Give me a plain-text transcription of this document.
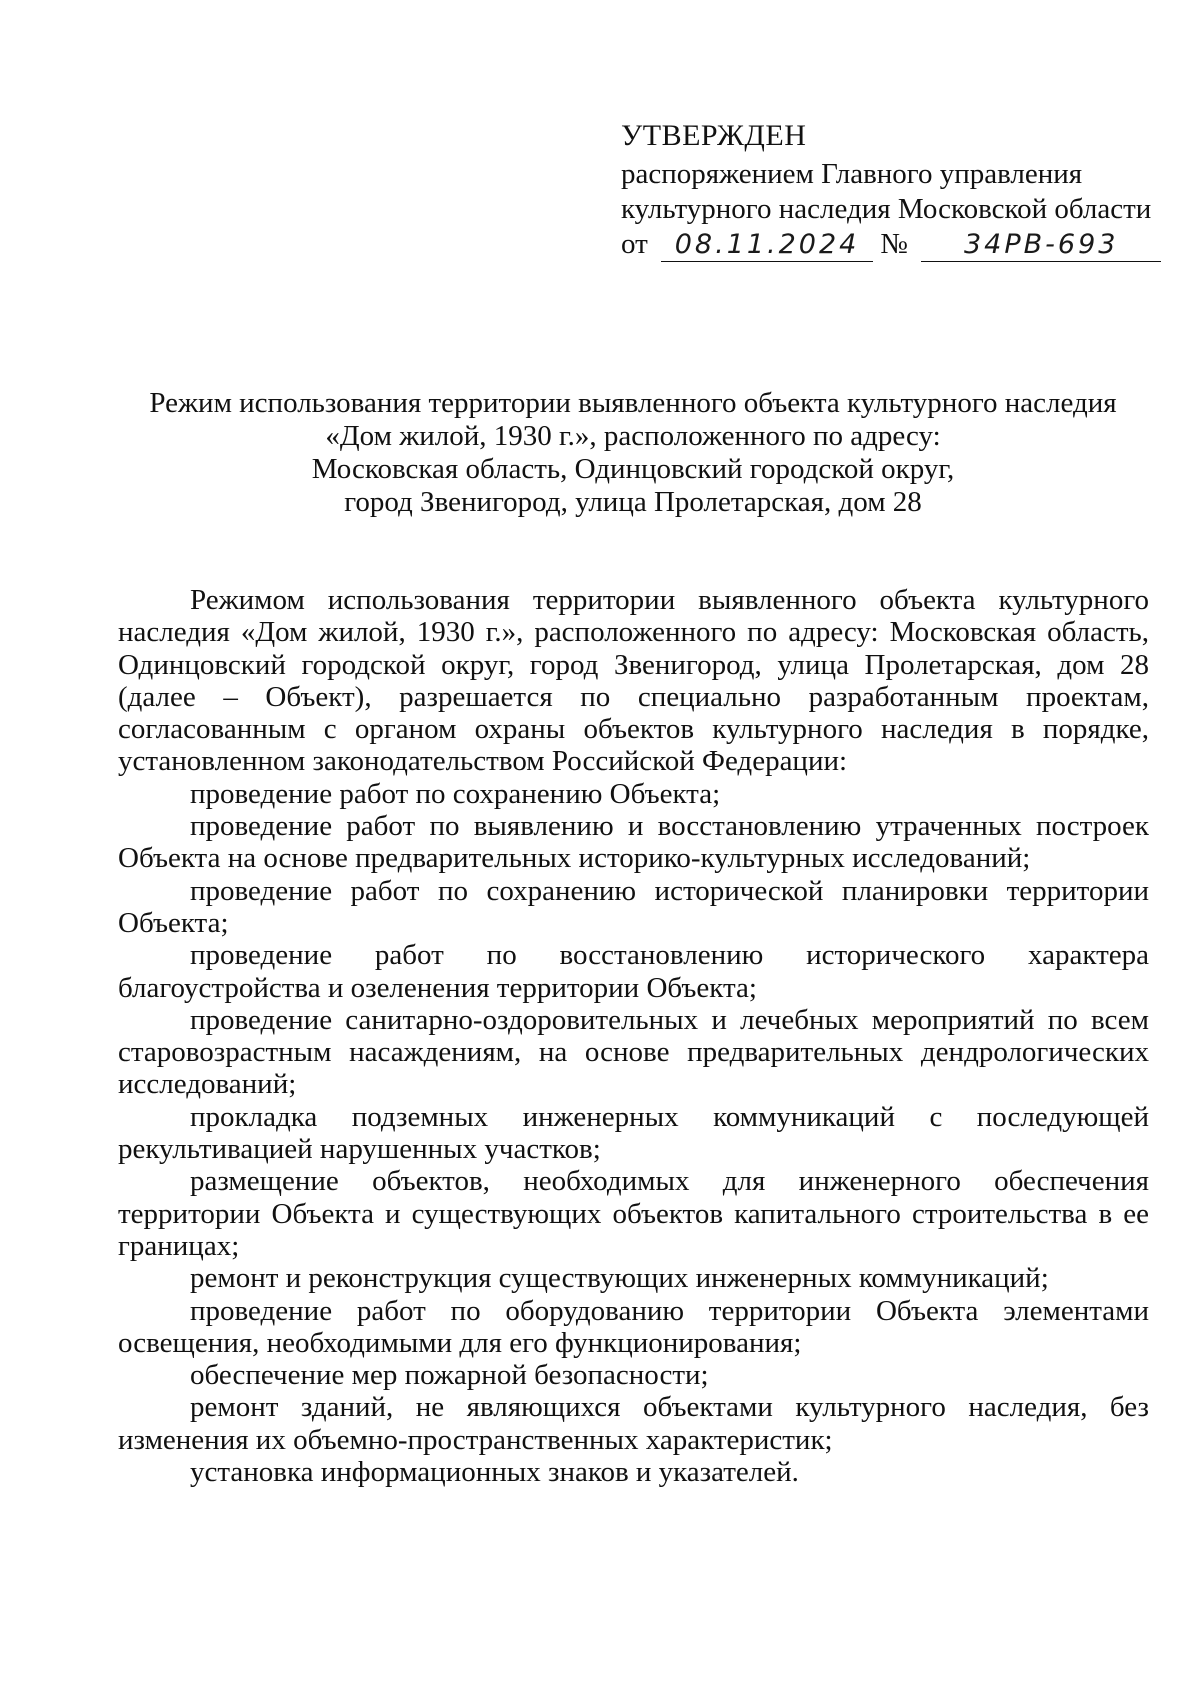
УТВЕРЖДЕН
распоряжением Главного управления
культурного наследия Московской области
от 08.11.2024 № 34РВ-693
Режим использования территории выявленного объекта культурного наследия
«Дом жилой, 1930 г.», расположенного по адресу:
Московская область, Одинцовский городской округ,
город Звенигород, улица Пролетарская, дом 28

Режимом использования территории выявленного объекта культурного наследия «Дом жилой, 1930 г.», расположенного по адресу: Московская область, Одинцовский городской округ, город Звенигород, улица Пролетарская, дом 28 (далее – Объект), разрешается по специально разработанным проектам, согласованным с органом охраны объектов культурного наследия в порядке, установленном законодательством Российской Федерации:

проведение работ по сохранению Объекта;

проведение работ по выявлению и восстановлению утраченных построек Объекта на основе предварительных историко-культурных исследований;

проведение работ по сохранению исторической планировки территории Объекта;

проведение работ по восстановлению исторического характера благоустройства и озеленения территории Объекта;

проведение санитарно-оздоровительных и лечебных мероприятий по всем старовозрастным насаждениям, на основе предварительных дендрологических исследований;

прокладка подземных инженерных коммуникаций с последующей рекультивацией нарушенных участков;

размещение объектов, необходимых для инженерного обеспечения территории Объекта и существующих объектов капитального строительства в ее границах;

ремонт и реконструкция существующих инженерных коммуникаций;

проведение работ по оборудованию территории Объекта элементами освещения, необходимыми для его функционирования;

обеспечение мер пожарной безопасности;

ремонт зданий, не являющихся объектами культурного наследия, без изменения их объемно-пространственных характеристик;

установка информационных знаков и указателей.
